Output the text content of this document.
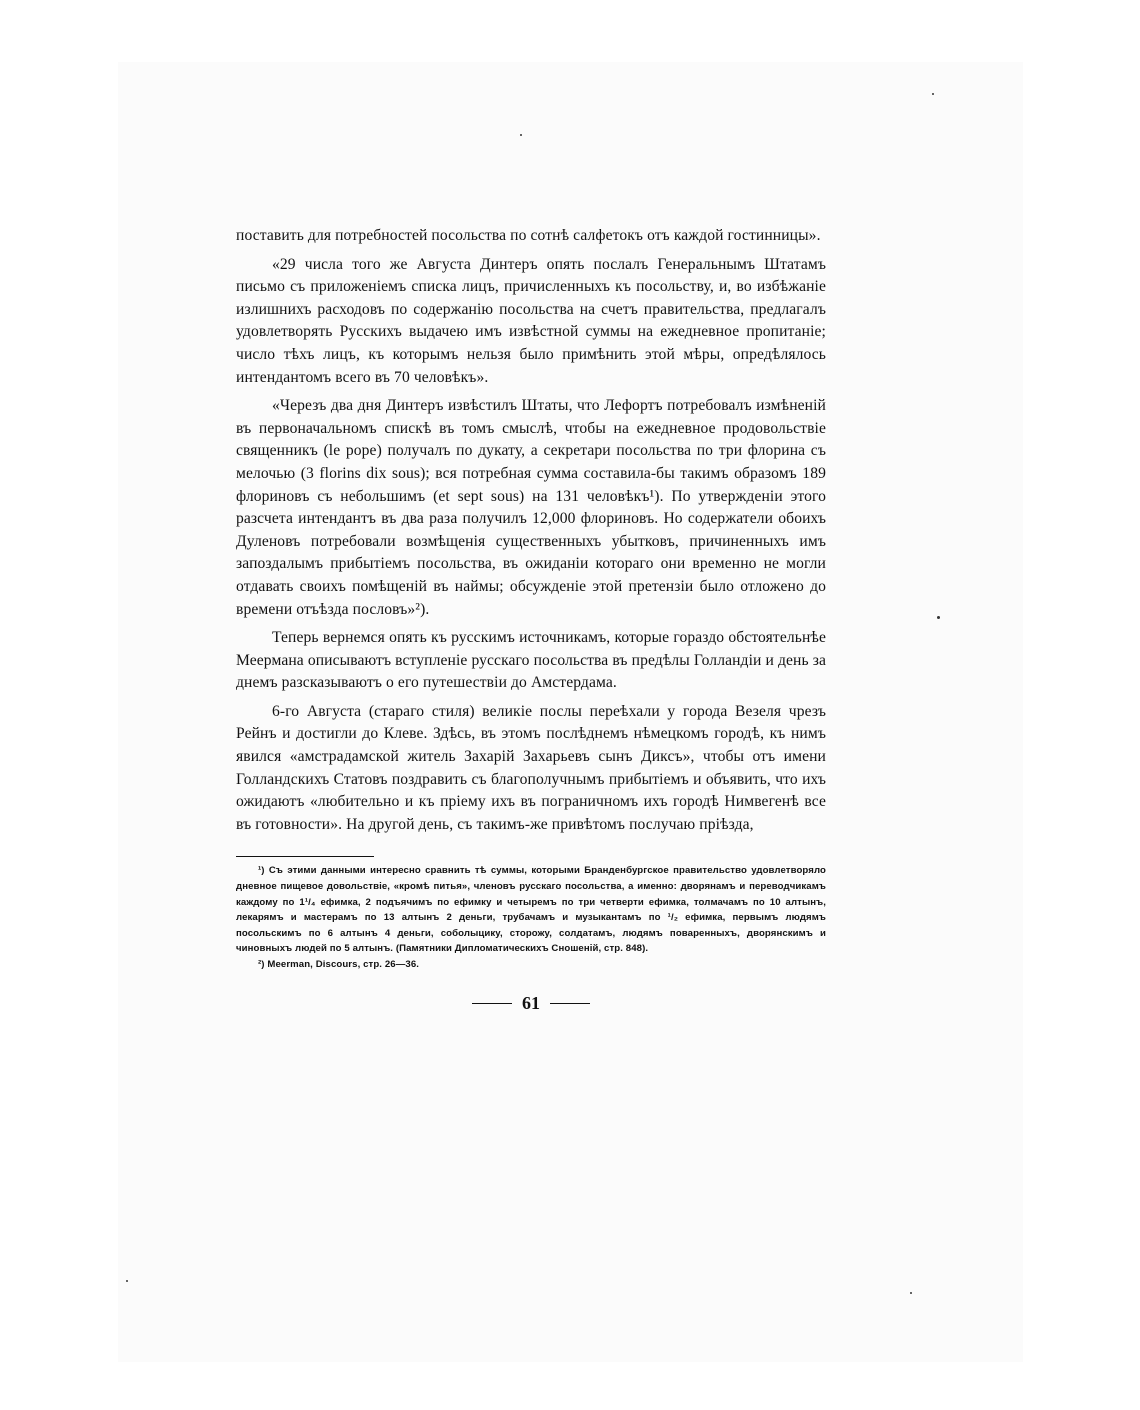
поставить для потребностей посольства по сотнѣ салфетокъ отъ каждой гостинницы».

«29 числа того же Августа Динтеръ опять послалъ Генеральнымъ Штатамъ письмо съ приложеніемъ списка лицъ, причисленныхъ къ посольству, и, во избѣжаніе излишнихъ расходовъ по содержанію посольства на счетъ правительства, предлагалъ удовлетворять Русскихъ выдачею имъ извѣстной суммы на ежедневное пропитаніе; число тѣхъ лицъ, къ которымъ нельзя было примѣнить этой мѣры, опредѣлялось интендантомъ всего въ 70 человѣкъ».

«Черезъ два дня Динтеръ извѣстилъ Штаты, что Лефортъ потребовалъ измѣненій въ первоначальномъ спискѣ въ томъ смыслѣ, чтобы на ежедневное продовольствіе священникъ (le pope) получалъ по дукату, а секретари посольства по три флорина съ мелочью (3 florins dix sous); вся потребная сумма составила-бы такимъ образомъ 189 флориновъ съ небольшимъ (et sept sous) на 131 человѣкъ¹). По утвержденіи этого разсчета интендантъ въ два раза получилъ 12,000 флориновъ. Но содержатели обоихъ Дуленовъ потребовали возмѣщенія существенныхъ убытковъ, причиненныхъ имъ запоздалымъ прибытіемъ посольства, въ ожиданіи котораго они временно не могли отдавать своихъ помѣщеній въ наймы; обсужденіе этой претензіи было отложено до времени отъѣзда пословъ»²).

Теперь вернемся опять къ русскимъ источникамъ, которые гораздо обстоятельнѣе Меермана описываютъ вступленіе русскаго посольства въ предѣлы Голландіи и день за днемъ разсказываютъ о его путешествіи до Амстердама.

6-го Августа (стараго стиля) великіе послы переѣхали у города Везеля чрезъ Рейнъ и достигли до Клеве. Здѣсь, въ этомъ послѣднемъ нѣмецкомъ городѣ, къ нимъ явился «амстрадамской житель Захарій Захарьевъ сынъ Диксъ», чтобы отъ имени Голландскихъ Статовъ поздравить съ благополучнымъ прибытіемъ и объявить, что ихъ ожидаютъ «любительно и къ пріему ихъ въ пограничномъ ихъ городѣ Нимвегенѣ все въ готовности». На другой день, съ такимъ-же привѣтомъ послучаю пріѣзда,

¹) Съ этими данными интересно сравнить тѣ суммы, которыми Бранденбургское правительство удовлетворяло дневное пищевое довольствіе, «кромѣ питья», членовъ русскаго посольства, а именно: дворянамъ и переводчикамъ каждому по 1¹/₄ ефимка, 2 подъячимъ по ефимку и четыремъ по три четверти ефимка, толмачамъ по 10 алтынъ, лекарямъ и мастерамъ по 13 алтынъ 2 деньги, трубачамъ и музыкантамъ по ¹/₂ ефимка, первымъ людямъ посольскимъ по 6 алтынъ 4 деньги, соболыцику, сторожу, солдатамъ, людямъ поваренныхъ, дворянскимъ и чиновныхъ людей по 5 алтынъ. (Памятники Дипломатическихъ Сношеній, стр. 848).

²) Meerman, Discours, стр. 26—36.

61
